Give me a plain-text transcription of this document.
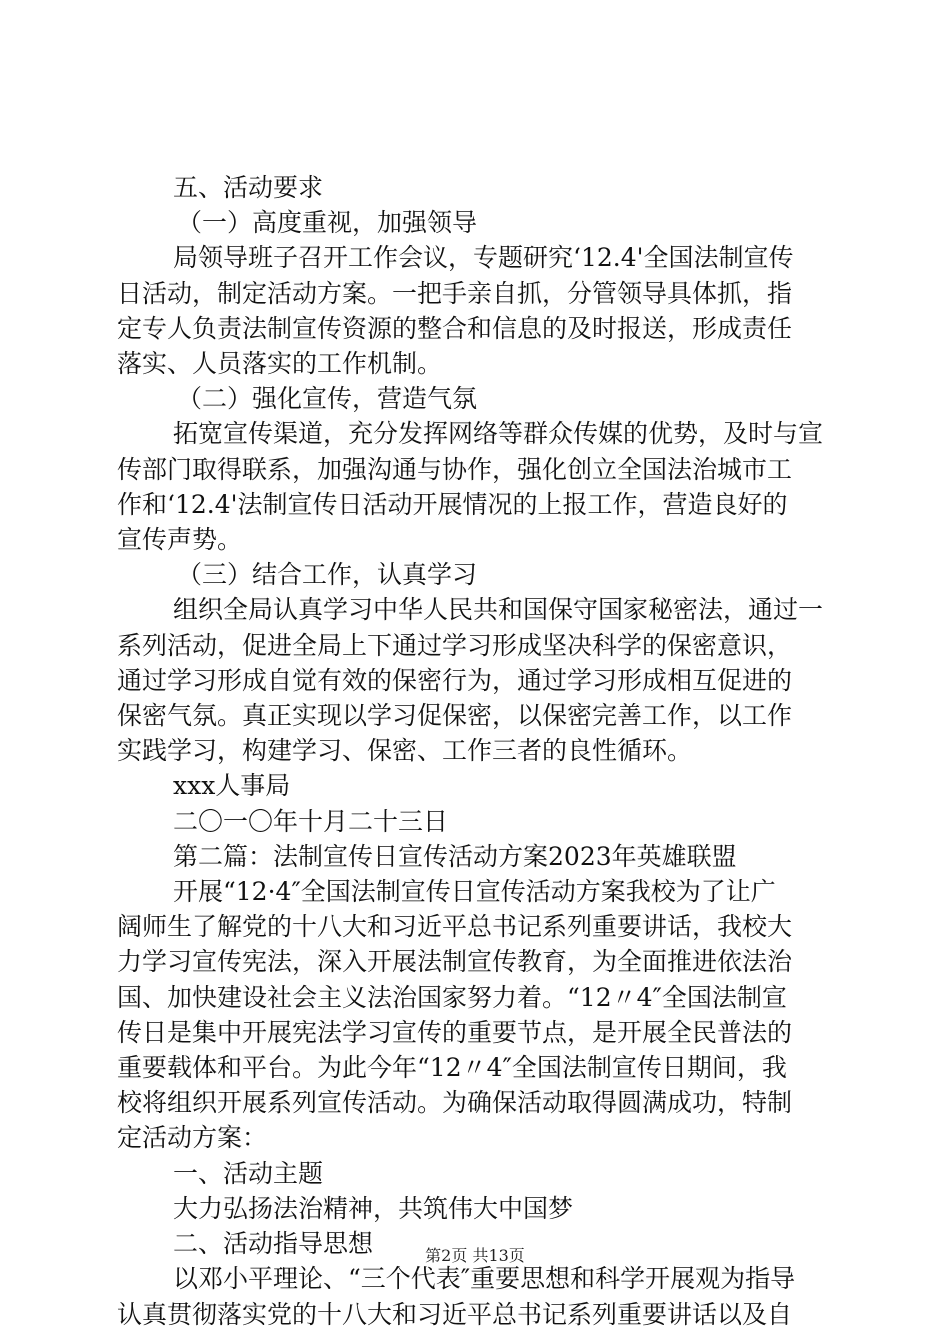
五、活动要求

（一）高度重视，加强领导

局领导班子召开工作会议，专题研究‘12.4'全国法制宣传

日活动，制定活动方案。一把手亲自抓，分管领导具体抓，指

定专人负责法制宣传资源的整合和信息的及时报送，形成责任

落实、人员落实的工作机制。

（二）强化宣传，营造气氛

拓宽宣传渠道，充分发挥网络等群众传媒的优势，及时与宣

传部门取得联系，加强沟通与协作，强化创立全国法治城市工

作和‘12.4'法制宣传日活动开展情况的上报工作，营造良好的

宣传声势。

（三）结合工作，认真学习

组织全局认真学习中华人民共和国保守国家秘密法，通过一

系列活动，促进全局上下通过学习形成坚决科学的保密意识，

通过学习形成自觉有效的保密行为，通过学习形成相互促进的

保密气氛。真正实现以学习促保密，以保密完善工作，以工作

实践学习，构建学习、保密、工作三者的良性循环。

xxx人事局

二〇一〇年十月二十三日

第二篇：法制宣传日宣传活动方案2023年英雄联盟

开展“12·4″全国法制宣传日宣传活动方案我校为了让广

阔师生了解党的十八大和习近平总书记系列重要讲话，我校大

力学习宣传宪法，深入开展法制宣传教育，为全面推进依法治

国、加快建设社会主义法治国家努力着。“12〃4″全国法制宣

传日是集中开展宪法学习宣传的重要节点，是开展全民普法的

重要载体和平台。为此今年“12〃4″全国法制宣传日期间，我

校将组织开展系列宣传活动。为确保活动取得圆满成功，特制

定活动方案：

一、活动主题

大力弘扬法治精神，共筑伟大中国梦

二、活动指导思想

以邓小平理论、“三个代表″重要思想和科学开展观为指导

认真贯彻落实党的十八大和习近平总书记系列重要讲话以及自

第2页 共13页
